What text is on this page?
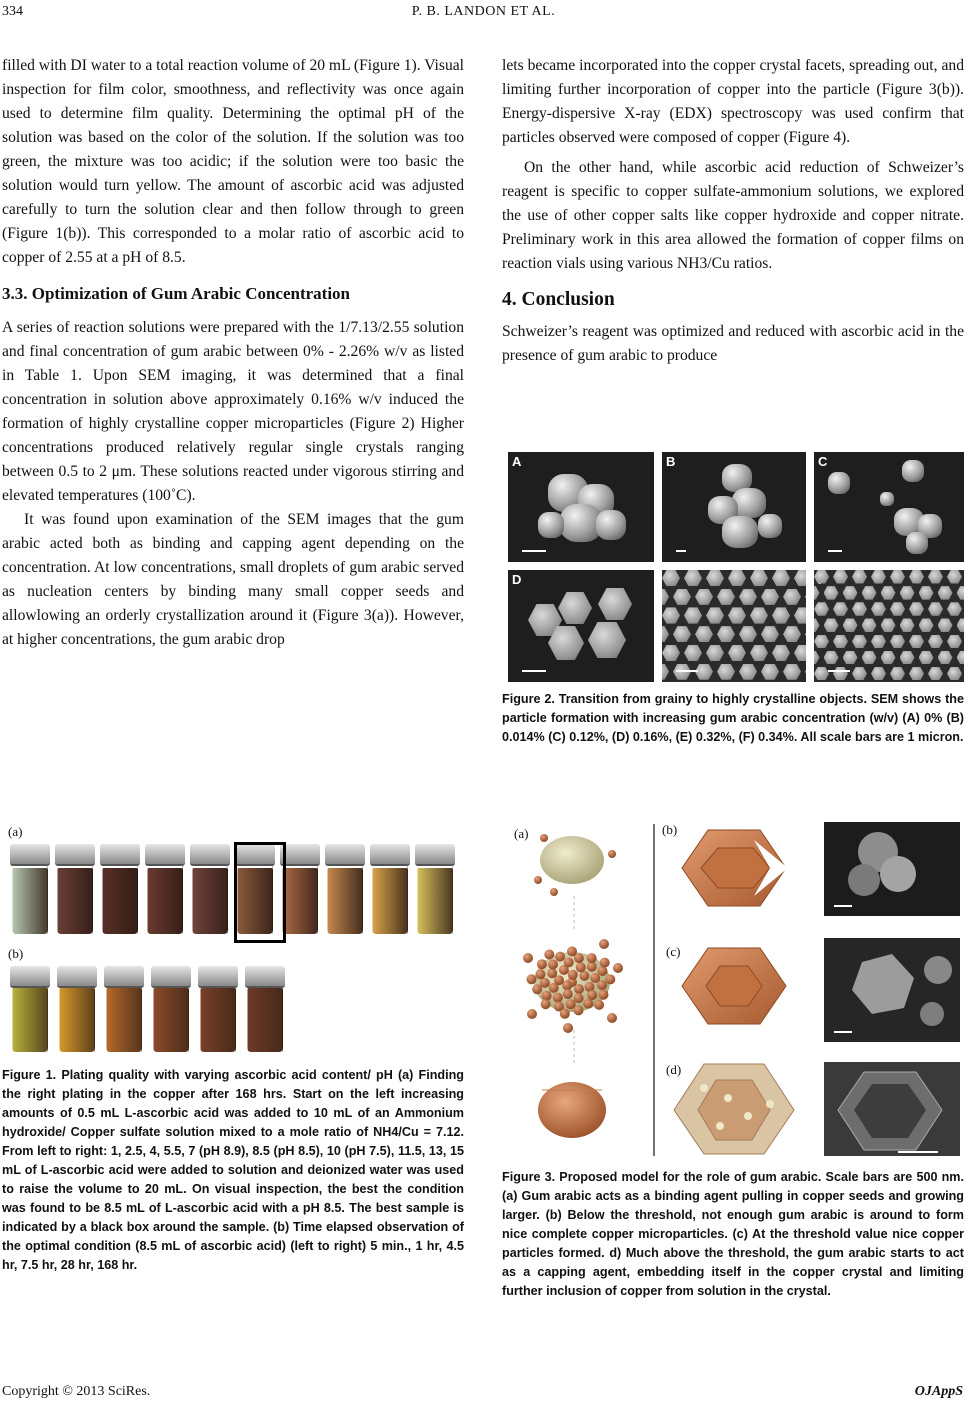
334	P. B. LANDON ET AL.

filled with DI water to a total reaction volume of 20 mL (Figure 1). Visual inspection for film color, smoothness, and reflectivity was once again used to determine film quality. Determining the optimal pH of the solution was based on the color of the solution. If the solution was too green, the mixture was too acidic; if the solution were too basic the solution would turn yellow. The amount of ascorbic acid was adjusted carefully to turn the solution clear and then follow through to green (Figure 1(b)). This corresponded to a molar ratio of ascorbic acid to copper of 2.55 at a pH of 8.5.

3.3. Optimization of Gum Arabic Concentration

A series of reaction solutions were prepared with the 1/7.13/2.55 solution and final concentration of gum arabic between 0% - 2.26% w/v as listed in Table 1. Upon SEM imaging, it was determined that a final concentration in solution above approximately 0.16% w/v induced the formation of highly crystalline copper microparticles (Figure 2) Higher concentrations produced relatively regular single crystals ranging between 0.5 to 2 μm. These solutions reacted under vigorous stirring and elevated temperatures (100˚C).

It was found upon examination of the SEM images that the gum arabic acted both as binding and capping agent depending on the concentration. At low concentrations, small droplets of gum arabic served as nucleation centers by binding many small copper seeds and allowlowing an orderly crystallization around it (Figure 3(a)). However, at higher concentrations, the gum arabic drop

(a)
(b)

Figure 1. Plating quality with varying ascorbic acid content/ pH (a) Finding the right plating in the copper after 168 hrs. Start on the left increasing amounts of 0.5 mL L-ascorbic acid was added to 10 mL of an Ammonium hydroxide/ Copper sulfate solution mixed to a mole ratio of NH4/Cu = 7.12. From left to right: 1, 2.5, 4, 5.5, 7 (pH 8.9), 8.5 (pH 8.5), 10 (pH 7.5), 11.5, 13, 15 mL of L-ascorbic acid were added to solution and deionized water was used to raise the volume to 20 mL. On visual inspection, the best the condition was found to be 8.5 mL of L-ascorbic acid with a pH 8.5. The best sample is indicated by a black box around the sample. (b) Time elapsed observation of the optimal condition (8.5 mL of ascorbic acid) (left to right) 5 min., 1 hr, 4.5 hr, 7.5 hr, 28 hr, 168 hr.

lets became incorporated into the copper crystal facets, spreading out, and limiting further incorporation of copper into the particle (Figure 3(b)). Energy-dispersive X-ray (EDX) spectroscopy was used confirm that particles observed were composed of copper (Figure 4).

On the other hand, while ascorbic acid reduction of Schweizer’s reagent is specific to copper sulfate-ammonium solutions, we explored the use of other copper salts like copper hydroxide and copper nitrate. Preliminary work in this area allowed the formation of copper films on reaction vials using various NH3/Cu ratios.

4. Conclusion

Schweizer’s reagent was optimized and reduced with ascorbic acid in the presence of gum arabic to produce

A	B	C
D

Figure 2. Transition from grainy to highly crystalline objects. SEM shows the particle formation with increasing gum arabic concentration (w/v) (A) 0% (B) 0.014% (C) 0.12%, (D) 0.16%, (E) 0.32%, (F) 0.34%. All scale bars are 1 micron.

(a)	(b)
(c)
(d)

Figure 3. Proposed model for the role of gum arabic. Scale bars are 500 nm. (a) Gum arabic acts as a binding agent pulling in copper seeds and growing larger. (b) Below the threshold, not enough gum arabic is around to form nice complete copper microparticles. (c) At the threshold value nice copper particles formed. d) Much above the threshold, the gum arabic starts to act as a capping agent, embedding itself in the copper crystal and limiting further inclusion of copper from solution in the crystal.

Copyright © 2013 SciRes.	OJAppS
